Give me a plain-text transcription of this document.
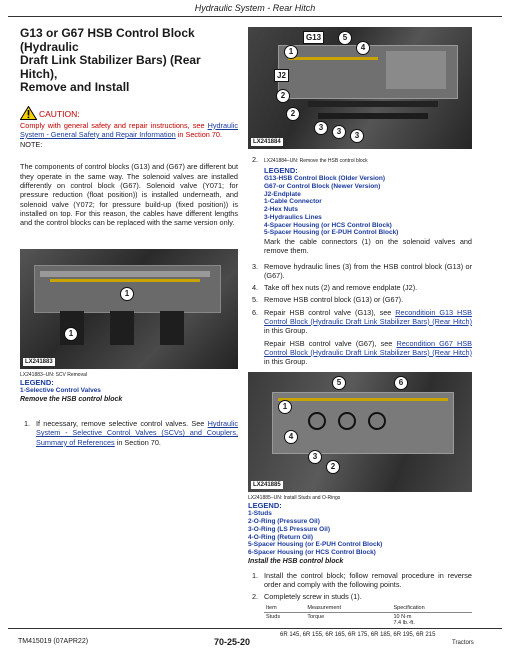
Hydraulic System - Rear Hitch
G13 or G67 HSB Control Block (Hydraulic
Draft Link Stabilizer Bars) (Rear Hitch),
Remove and Install
CAUTION:
Comply with general safety and repair instructions, see Hydraulic System - General Safety and Repair Information in Section 70.
NOTE:
The components of control blocks (G13) and (G67) are different but they operate in the same way. The solenoid valves are installed differently on control block (G67). Solenoid valve (Y071; for pressure reduction (float position)) is installed underneath, and solenoid valve (Y072; for pressure build-up (fixed position)) is installed on top. For this reason, the cables have different lengths and the control blocks can be replaced with the same version only.
1
1
LX241883
LX241883–UN: SCV Removal
LEGEND:
1-Selective Control Valves
Remove the HSB control block
1. If necessary, remove selective control valves. See Hydraulic System - Selective Control Valves (SCVs) and Couplers, Summary of References in Section 70.
G13
J2
5
4
1
2
2
3	3	3
LX241884
2. LX241884–UN: Remove the HSB control block
LEGEND:
G13-HSB Control Block (Older Version)
G67-or Control Block (Newer Version)
J2-Endplate
1-Cable Connector
2-Hex Nuts
3-Hydraulics Lines
4-Spacer Housing (or HCS Control Block)
5-Spacer Housing (or E-PUH Control Block)
Mark the cable connectors (1) on the solenoid valves and remove them.
3. Remove hydraulic lines (3) from the HSB control block (G13) or (G67).
4. Take off hex nuts (2) and remove endplate (J2).
5. Remove HSB control block (G13) or (G67).
6. Repair HSB control valve (G13), see Reconditioin G13 HSB Control Block (Hydraulic Draft Link Stabilizer Bars) (Rear Hitch) in this Group.
Repair HSB control valve (G67), see Recondition G67 HSB Control Block (Hydraulic Draft Link Stabilizer Bars) (Rear Hitch) in this Group.
5	6
1
4
3
2
LX241885
LX241885–UN: Install Studs and O-Rings
LEGEND:
1-Studs
2-O-Ring (Pressure Oil)
3-O-Ring (LS Pressure Oil)
4-O-Ring (Return Oil)
5-Spacer Housing (or E-PUH Control Block)
6-Spacer Housing (or HCS Control Block)
Install the HSB control block
1. Install the control block; follow removal procedure in reverse order and comply with the following points.
2. Completely screw in studs (1).
Item	Measurement	Specification
Studs	Torque	10 N·m
7.4 lb.-ft.
TM415019 (07APR22)	70-25-20
6R 145, 6R 155, 6R 165, 6R 175, 6R 185, 6R 195, 6R 215
Tractors
